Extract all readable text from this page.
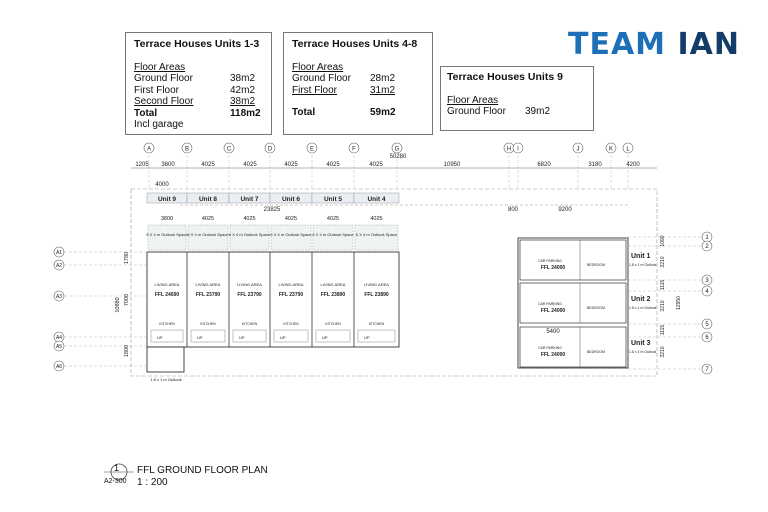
Terrace Houses Units 1-3
Floor Areas
Ground Floor	38m2
First Floor	42m2
Second Floor	38m2
Total	118m2
Incl garage
Terrace Houses Units 4-8
Floor Areas
Ground Floor	28m2
First Floor	31m2
Total	59m2
Terrace Houses Units 9
Floor Areas
Ground Floor	39m2
TEAM IAN
A	B	C	D	E	F	G	H I	J	K L
50280
1205 3800	4025	4025	4025	4025	4025	10950	6820	3180	4200
4000
23825	800	9200
Unit 9
3800
6 X 4 m Outlook Space
LIVING AREA
FFL 24690
KITCHEN
UP
Unit 8
4025
6 X 4 m Outlook Space
LIVING AREA
FFL 23790
KITCHEN
UP
Unit 7
4025
6 X 4 m Outlook Space
LIVING AREA
FFL 23790
KITCHEN
UP
Unit 6
4025
6 X 4 m Outlook Space
LIVING AREA
FFL 23790
KITCHEN
UP
Unit 5
4025
6 X 4 m Outlook Space
LIVING AREA
FFL 23890
KITCHEN
UP
Unit 4
4025
6 X 4 m Outlook Space
LIVING AREA
FFL 23890
KITCHEN
UP
1.8 x 1 m Outlook
A1
A2
A3
A4
A5
A6
1780
7000
1800
10880
1
2
3
4
5
6
7
1090
3210
1115
3210
1115
3210
12950
CAR PARKING
FFL 24000	BEDROOM
Unit 1
1.8 x 1 m Outlook
CAR PARKING
FFL 24000	BEDROOM
Unit 2
1.8 x 1 m Outlook
CAR PARKING
FFL 24000	BEDROOM
Unit 3
1.8 x 1 m Outlook
5400
1
A2-300
FFL GROUND FLOOR PLAN
1 : 200
